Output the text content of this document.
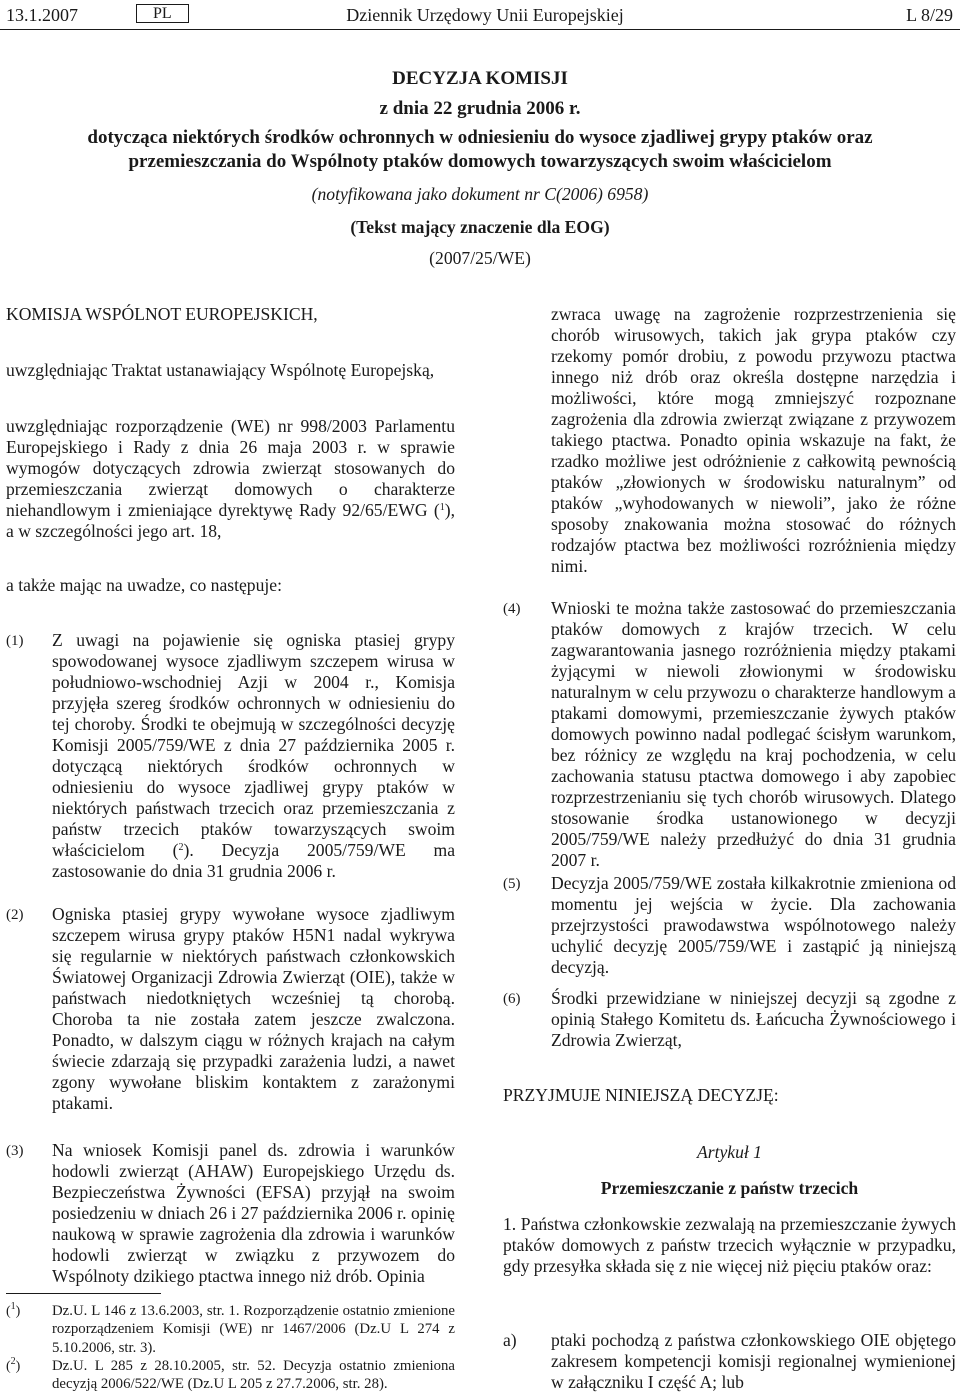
13.1.2007	PL	Dziennik Urzędowy Unii Europejskiej	L 8/29
DECYZJA KOMISJI
z dnia 22 grudnia 2006 r.
dotycząca niektórych środków ochronnych w odniesieniu do wysoce zjadliwej grypy ptaków oraz
przemieszczania do Wspólnoty ptaków domowych towarzyszących swoim właścicielom
(notyfikowana jako dokument nr C(2006) 6958)
(Tekst mający znaczenie dla EOG)
(2007/25/WE)
KOMISJA WSPÓLNOT EUROPEJSKICH,
uwzględniając Traktat ustanawiający Wspólnotę Europejską,
uwzględniając rozporządzenie (WE) nr 998/2003 Parlamentu Europejskiego i Rady z dnia 26 maja 2003 r. w sprawie wymogów dotyczących zdrowia zwierząt stosowanych do przemieszczania zwierząt domowych o charakterze niehandlowym i zmieniające dyrektywę Rady 92/65/EWG ($^1$), a w szczególności jego art. 18,
a także mając na uwadze, co następuje:
(1) Z uwagi na pojawienie się ogniska ptasiej grypy spowodowanej wysoce zjadliwym szczepem wirusa w południowo-wschodniej Azji w 2004 r., Komisja przyjęła szereg środków ochronnych w odniesieniu do tej choroby. Środki te obejmują w szczególności decyzję Komisji 2005/759/WE z dnia 27 października 2005 r. dotyczącą niektórych środków ochronnych w odniesieniu do wysoce zjadliwej grypy ptaków w niektórych państwach trzecich oraz przemieszczania z państw trzecich ptaków towarzyszących swoim właścicielom ($^2$). Decyzja 2005/759/WE ma zastosowanie do dnia 31 grudnia 2006 r.
(2) Ogniska ptasiej grypy wywołane wysoce zjadliwym szczepem wirusa grypy ptaków H5N1 nadal wykrywa się regularnie w niektórych państwach członkowskich Światowej Organizacji Zdrowia Zwierząt (OIE), także w państwach niedotkniętych wcześniej tą chorobą. Choroba ta nie została zatem jeszcze zwalczona. Ponadto, w dalszym ciągu w różnych krajach na całym świecie zdarzają się przypadki zarażenia ludzi, a nawet zgony wywołane bliskim kontaktem z zarażonymi ptakami.
(3) Na wniosek Komisji panel ds. zdrowia i warunków hodowli zwierząt (AHAW) Europejskiego Urzędu ds. Bezpieczeństwa Żywności (EFSA) przyjął na swoim posiedzeniu w dniach 26 i 27 października 2006 r. opinię naukową w sprawie zagrożenia dla zdrowia i warunków hodowli zwierząt w związku z przywozem do Wspólnoty dzikiego ptactwa innego niż drób. Opinia
($^1$) Dz.U. L 146 z 13.6.2003, str. 1. Rozporządzenie ostatnio zmienione rozporządzeniem Komisji (WE) nr 1467/2006 (Dz.U L 274 z 5.10.2006, str. 3).
($^2$) Dz.U. L 285 z 28.10.2005, str. 52. Decyzja ostatnio zmieniona decyzją 2006/522/WE (Dz.U L 205 z 27.7.2006, str. 28).
zwraca uwagę na zagrożenie rozprzestrzenienia się chorób wirusowych, takich jak grypa ptaków czy rzekomy pomór drobiu, z powodu przywozu ptactwa innego niż drób oraz określa dostępne narzędzia i możliwości, które mogą zmniejszyć rozpoznane zagrożenia dla zdrowia zwierząt związane z przywozem takiego ptactwa. Ponadto opinia wskazuje na fakt, że rzadko możliwe jest odróżnienie z całkowitą pewnością ptaków „złowionych w środowisku naturalnym” od ptaków „wyhodowanych w niewoli”, jako że różne sposoby znakowania można stosować do różnych rodzajów ptactwa bez możliwości rozróżnienia między nimi.
(4) Wnioski te można także zastosować do przemieszczania ptaków domowych z krajów trzecich. W celu zagwarantowania jasnego rozróżnienia między ptakami żyjącymi w niewoli złowionymi w środowisku naturalnym w celu przywozu o charakterze handlowym a ptakami domowymi, przemieszczanie żywych ptaków domowych powinno nadal podlegać ścisłym warunkom, bez różnicy ze względu na kraj pochodzenia, w celu zachowania statusu ptactwa domowego i aby zapobiec rozprzestrzenianiu się tych chorób wirusowych. Dlatego stosowanie środka ustanowionego w decyzji 2005/759/WE należy przedłużyć do dnia 31 grudnia 2007 r.
(5) Decyzja 2005/759/WE została kilkakrotnie zmieniona od momentu jej wejścia w życie. Dla zachowania przejrzystości prawodawstwa wspólnotowego należy uchylić decyzję 2005/759/WE i zastąpić ją niniejszą decyzją.
(6) Środki przewidziane w niniejszej decyzji są zgodne z opinią Stałego Komitetu ds. Łańcucha Żywnościowego i Zdrowia Zwierząt,
PRZYJMUJE NINIEJSZĄ DECYZJĘ:
Artykuł 1
Przemieszczanie z państw trzecich
1. Państwa członkowskie zezwalają na przemieszczanie żywych ptaków domowych z państw trzecich wyłącznie w przypadku, gdy przesyłka składa się z nie więcej niż pięciu ptaków oraz:
a) ptaki pochodzą z państwa członkowskiego OIE objętego zakresem kompetencji komisji regionalnej wymienionej w załączniku I część A; lub
